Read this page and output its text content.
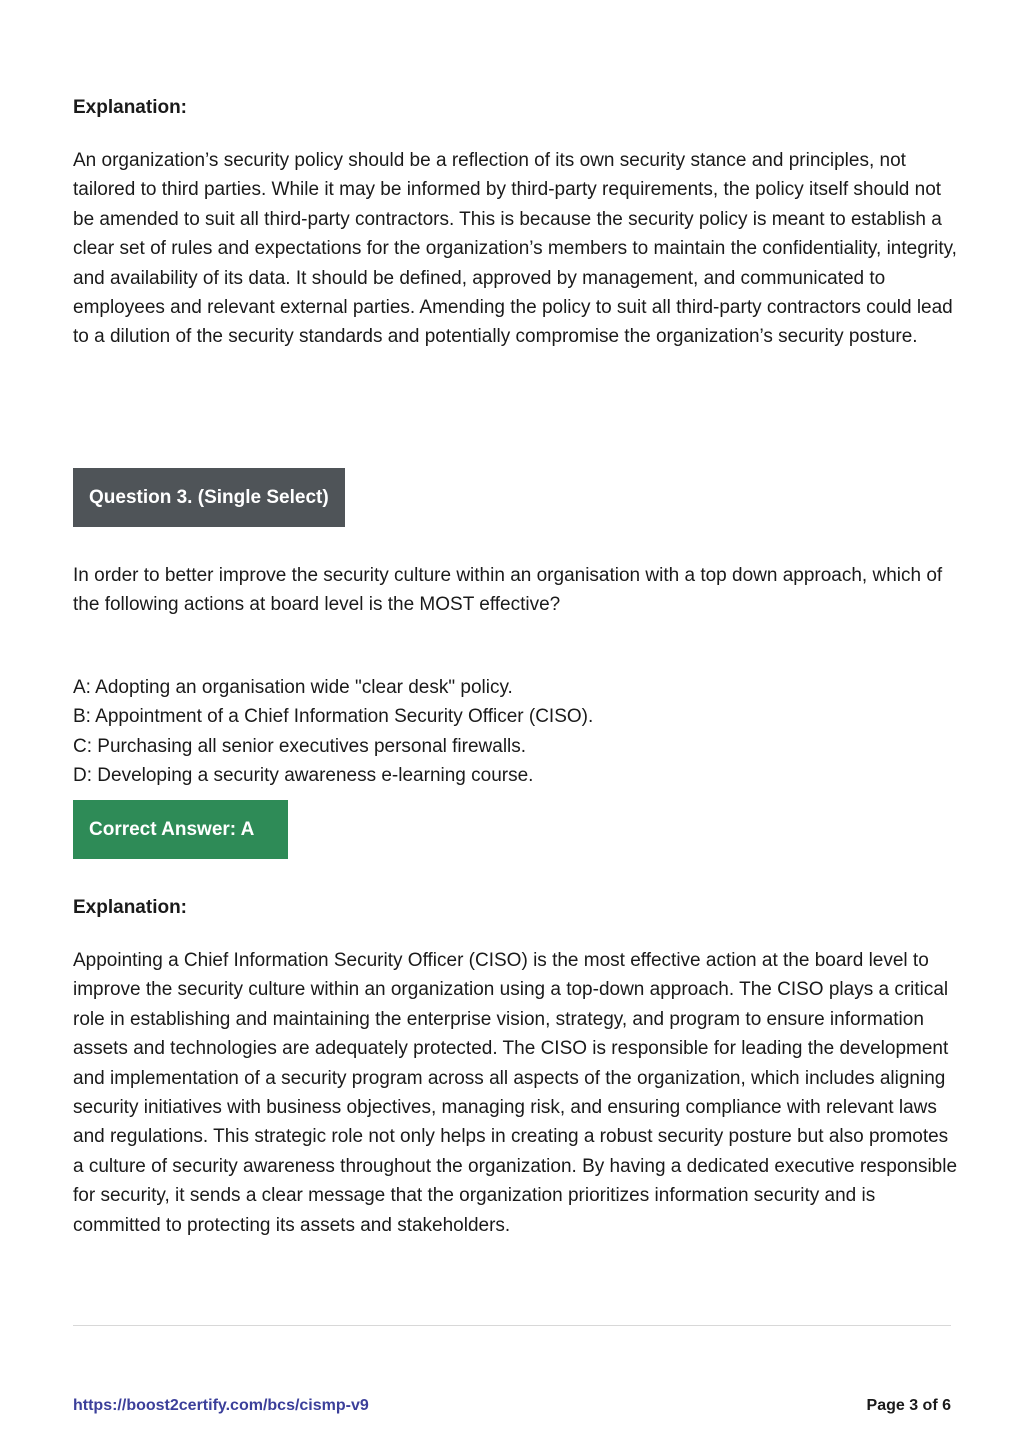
Explanation:

An organization’s security policy should be a reflection of its own security stance and principles, not tailored to third parties. While it may be informed by third-party requirements, the policy itself should not be amended to suit all third-party contractors. This is because the security policy is meant to establish a clear set of rules and expectations for the organization’s members to maintain the confidentiality, integrity, and availability of its data. It should be defined, approved by management, and communicated to employees and relevant external parties. Amending the policy to suit all third-party contractors could lead to a dilution of the security standards and potentially compromise the organization’s security posture.

Question 3. (Single Select)

In order to better improve the security culture within an organisation with a top down approach, which of the following actions at board level is the MOST effective?

A: Adopting an organisation wide "clear desk" policy.
B: Appointment of a Chief Information Security Officer (CISO).
C: Purchasing all senior executives personal firewalls.
D: Developing a security awareness e-learning course.
Correct Answer: A
Explanation:

Appointing a Chief Information Security Officer (CISO) is the most effective action at the board level to improve the security culture within an organization using a top-down approach. The CISO plays a critical role in establishing and maintaining the enterprise vision, strategy, and program to ensure information assets and technologies are adequately protected. The CISO is responsible for leading the development and implementation of a security program across all aspects of the organization, which includes aligning security initiatives with business objectives, managing risk, and ensuring compliance with relevant laws and regulations. This strategic role not only helps in creating a robust security posture but also promotes a culture of security awareness throughout the organization. By having a dedicated executive responsible for security, it sends a clear message that the organization prioritizes information security and is committed to protecting its assets and stakeholders.

https://boost2certify.com/bcs/cismp-v9	Page 3 of 6
